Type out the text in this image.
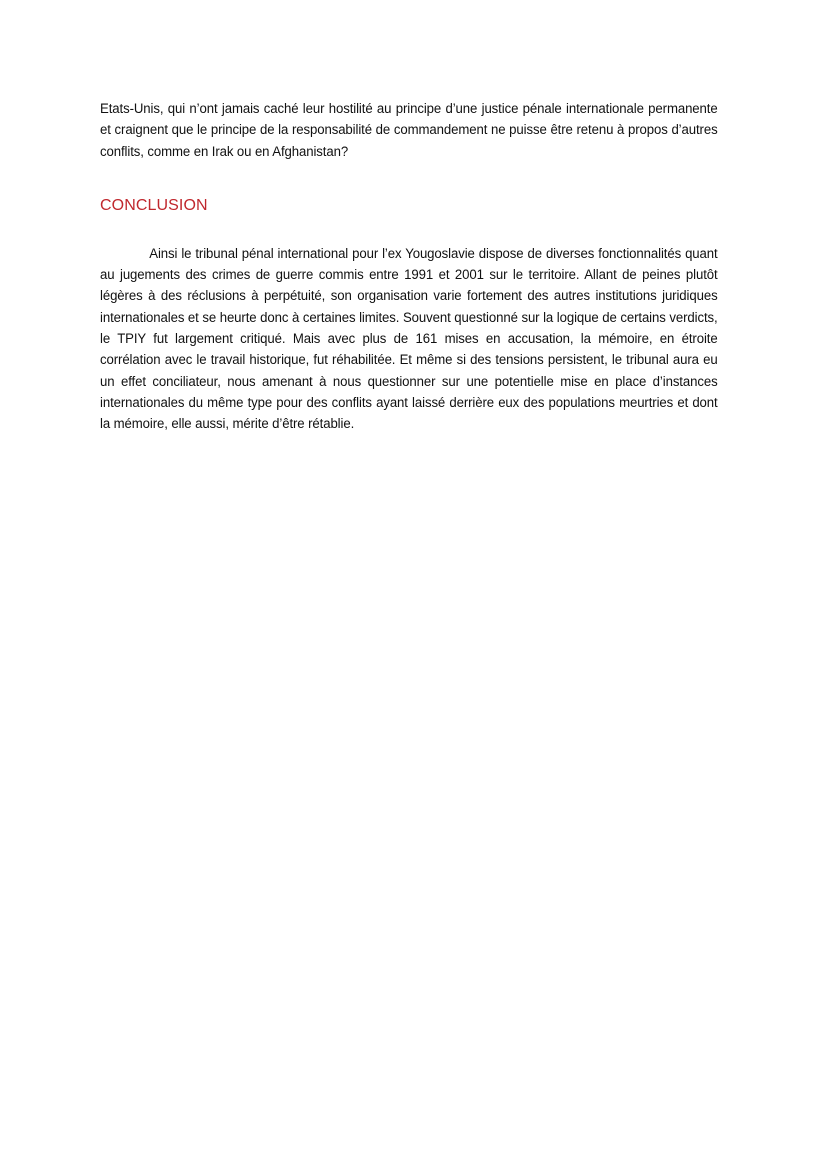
Etats-Unis, qui n’ont jamais caché leur hostilité au principe d’une justice pénale internationale permanente et craignent que le principe de la responsabilité de commandement ne puisse être retenu à propos d’autres conflits, comme en Irak ou en Afghanistan?

CONCLUSION

Ainsi le tribunal pénal international pour l’ex Yougoslavie dispose de diverses fonctionnalités quant au jugements des crimes de guerre commis entre 1991 et 2001 sur le territoire. Allant de peines plutôt légères à des réclusions à perpétuité, son organisation varie fortement des autres institutions juridiques internationales et se heurte donc à certaines limites. Souvent questionné sur la logique de certains verdicts, le TPIY fut largement critiqué. Mais avec plus de 161 mises en accusation, la mémoire, en étroite corrélation avec le travail historique, fut réhabilitée. Et même si des tensions persistent, le tribunal aura eu un effet conciliateur, nous amenant à nous questionner sur une potentielle mise en place d’instances internationales du même type pour des conflits ayant laissé derrière eux des populations meurtries et dont la mémoire, elle aussi, mérite d’être rétablie.
